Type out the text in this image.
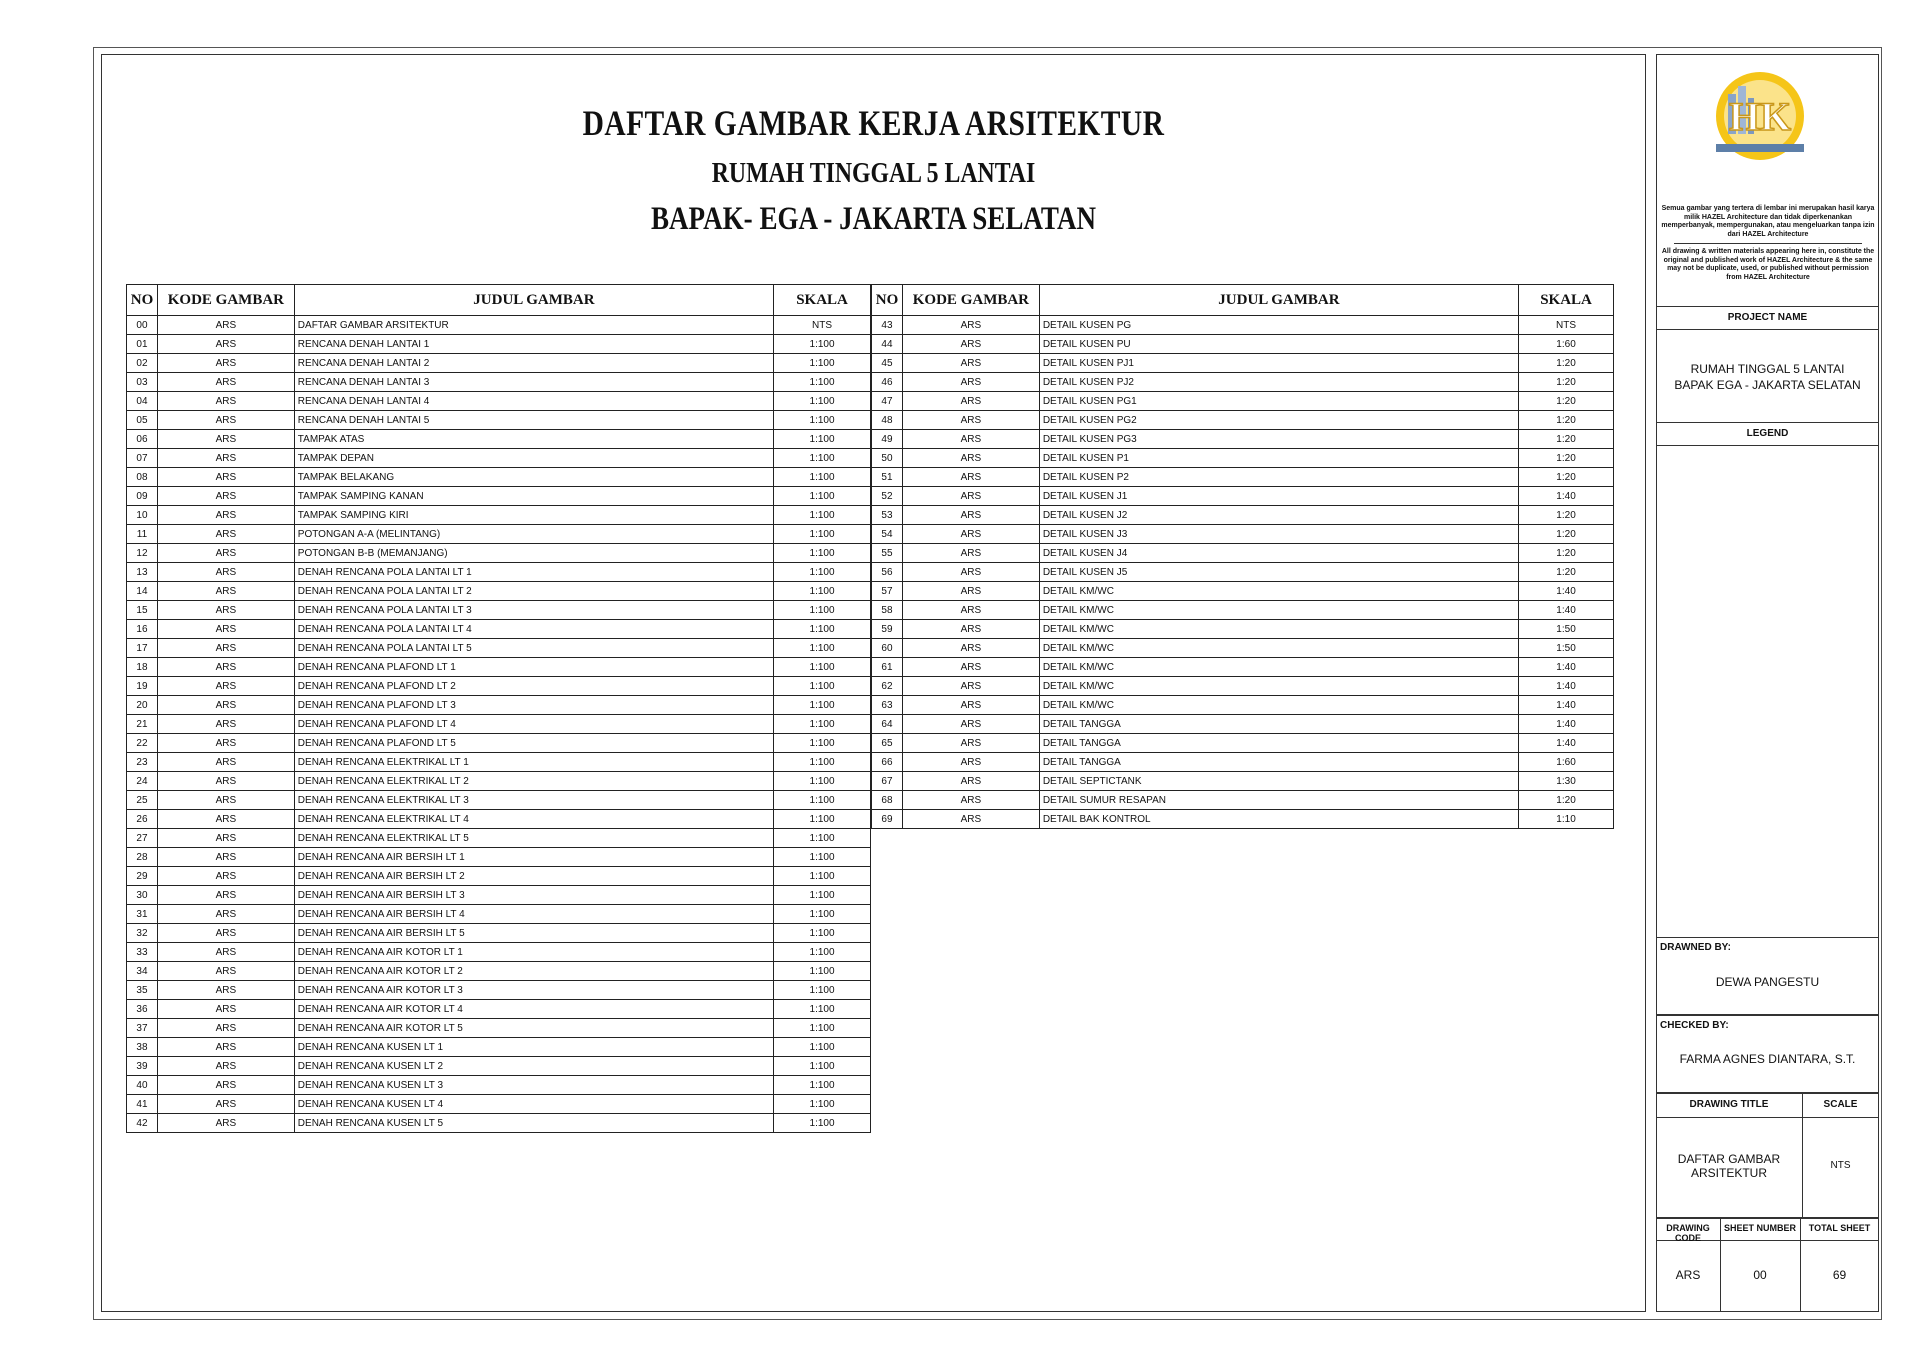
DAFTAR GAMBAR KERJA ARSITEKTUR
RUMAH TINGGAL 5 LANTAI
BAPAK- EGA - JAKARTA SELATAN
NO	KODE GAMBAR	JUDUL GAMBAR	SKALA
00	ARS	DAFTAR GAMBAR ARSITEKTUR	NTS
01	ARS	RENCANA DENAH LANTAI 1	1:100
02	ARS	RENCANA DENAH LANTAI 2	1:100
03	ARS	RENCANA DENAH LANTAI 3	1:100
04	ARS	RENCANA DENAH LANTAI 4	1:100
05	ARS	RENCANA DENAH LANTAI 5	1:100
06	ARS	TAMPAK ATAS	1:100
07	ARS	TAMPAK DEPAN	1:100
08	ARS	TAMPAK BELAKANG	1:100
09	ARS	TAMPAK SAMPING KANAN	1:100
10	ARS	TAMPAK SAMPING KIRI	1:100
11	ARS	POTONGAN A-A (MELINTANG)	1:100
12	ARS	POTONGAN B-B (MEMANJANG)	1:100
13	ARS	DENAH RENCANA POLA LANTAI LT 1	1:100
14	ARS	DENAH RENCANA POLA LANTAI LT 2	1:100
15	ARS	DENAH RENCANA POLA LANTAI LT 3	1:100
16	ARS	DENAH RENCANA POLA LANTAI LT 4	1:100
17	ARS	DENAH RENCANA POLA LANTAI LT 5	1:100
18	ARS	DENAH RENCANA PLAFOND LT 1	1:100
19	ARS	DENAH RENCANA PLAFOND LT 2	1:100
20	ARS	DENAH RENCANA PLAFOND LT 3	1:100
21	ARS	DENAH RENCANA PLAFOND LT 4	1:100
22	ARS	DENAH RENCANA PLAFOND LT 5	1:100
23	ARS	DENAH RENCANA ELEKTRIKAL LT 1	1:100
24	ARS	DENAH RENCANA ELEKTRIKAL LT 2	1:100
25	ARS	DENAH RENCANA ELEKTRIKAL LT 3	1:100
26	ARS	DENAH RENCANA ELEKTRIKAL LT 4	1:100
27	ARS	DENAH RENCANA ELEKTRIKAL LT 5	1:100
28	ARS	DENAH RENCANA AIR BERSIH LT 1	1:100
29	ARS	DENAH RENCANA AIR BERSIH LT 2	1:100
30	ARS	DENAH RENCANA AIR BERSIH LT 3	1:100
31	ARS	DENAH RENCANA AIR BERSIH LT 4	1:100
32	ARS	DENAH RENCANA AIR BERSIH LT 5	1:100
33	ARS	DENAH RENCANA AIR KOTOR LT 1	1:100
34	ARS	DENAH RENCANA AIR KOTOR LT 2	1:100
35	ARS	DENAH RENCANA AIR KOTOR LT 3	1:100
36	ARS	DENAH RENCANA AIR KOTOR LT 4	1:100
37	ARS	DENAH RENCANA AIR KOTOR LT 5	1:100
38	ARS	DENAH RENCANA KUSEN LT 1	1:100
39	ARS	DENAH RENCANA KUSEN LT 2	1:100
40	ARS	DENAH RENCANA KUSEN LT 3	1:100
41	ARS	DENAH RENCANA KUSEN LT 4	1:100
42	ARS	DENAH RENCANA KUSEN LT 5	1:100
NO	KODE GAMBAR	JUDUL GAMBAR	SKALA
43	ARS	DETAIL KUSEN PG	NTS
44	ARS	DETAIL KUSEN PU	1:60
45	ARS	DETAIL KUSEN PJ1	1:20
46	ARS	DETAIL KUSEN PJ2	1:20
47	ARS	DETAIL KUSEN PG1	1:20
48	ARS	DETAIL KUSEN PG2	1:20
49	ARS	DETAIL KUSEN PG3	1:20
50	ARS	DETAIL KUSEN P1	1:20
51	ARS	DETAIL KUSEN P2	1:20
52	ARS	DETAIL KUSEN J1	1:40
53	ARS	DETAIL KUSEN J2	1:20
54	ARS	DETAIL KUSEN J3	1:20
55	ARS	DETAIL KUSEN J4	1:20
56	ARS	DETAIL KUSEN J5	1:20
57	ARS	DETAIL KM/WC	1:40
58	ARS	DETAIL KM/WC	1:40
59	ARS	DETAIL KM/WC	1:50
60	ARS	DETAIL KM/WC	1:50
61	ARS	DETAIL KM/WC	1:40
62	ARS	DETAIL KM/WC	1:40
63	ARS	DETAIL KM/WC	1:40
64	ARS	DETAIL TANGGA	1:40
65	ARS	DETAIL TANGGA	1:40
66	ARS	DETAIL TANGGA	1:60
67	ARS	DETAIL SEPTICTANK	1:30
68	ARS	DETAIL SUMUR RESAPAN	1:20
69	ARS	DETAIL BAK KONTROL	1:10
HK
Semua gambar yang tertera di lembar ini merupakan hasil karya milik HAZEL Architecture dan tidak diperkenankan memperbanyak, mempergunakan, atau mengeluarkan tanpa izin dari HAZEL Architecture
All drawing & written materials appearing here in, constitute the original and published work of HAZEL Architecture & the same may not be duplicate, used, or published without permission from HAZEL Architecture
PROJECT NAME
RUMAH TINGGAL 5 LANTAI
BAPAK EGA - JAKARTA SELATAN
LEGEND
DRAWNED BY:
DEWA PANGESTU
CHECKED BY:
FARMA AGNES DIANTARA, S.T.
DRAWING TITLE	SCALE
DAFTAR GAMBAR
ARSITEKTUR
NTS
DRAWING CODE
SHEET NUMBER	TOTAL SHEET
ARS	00	69
